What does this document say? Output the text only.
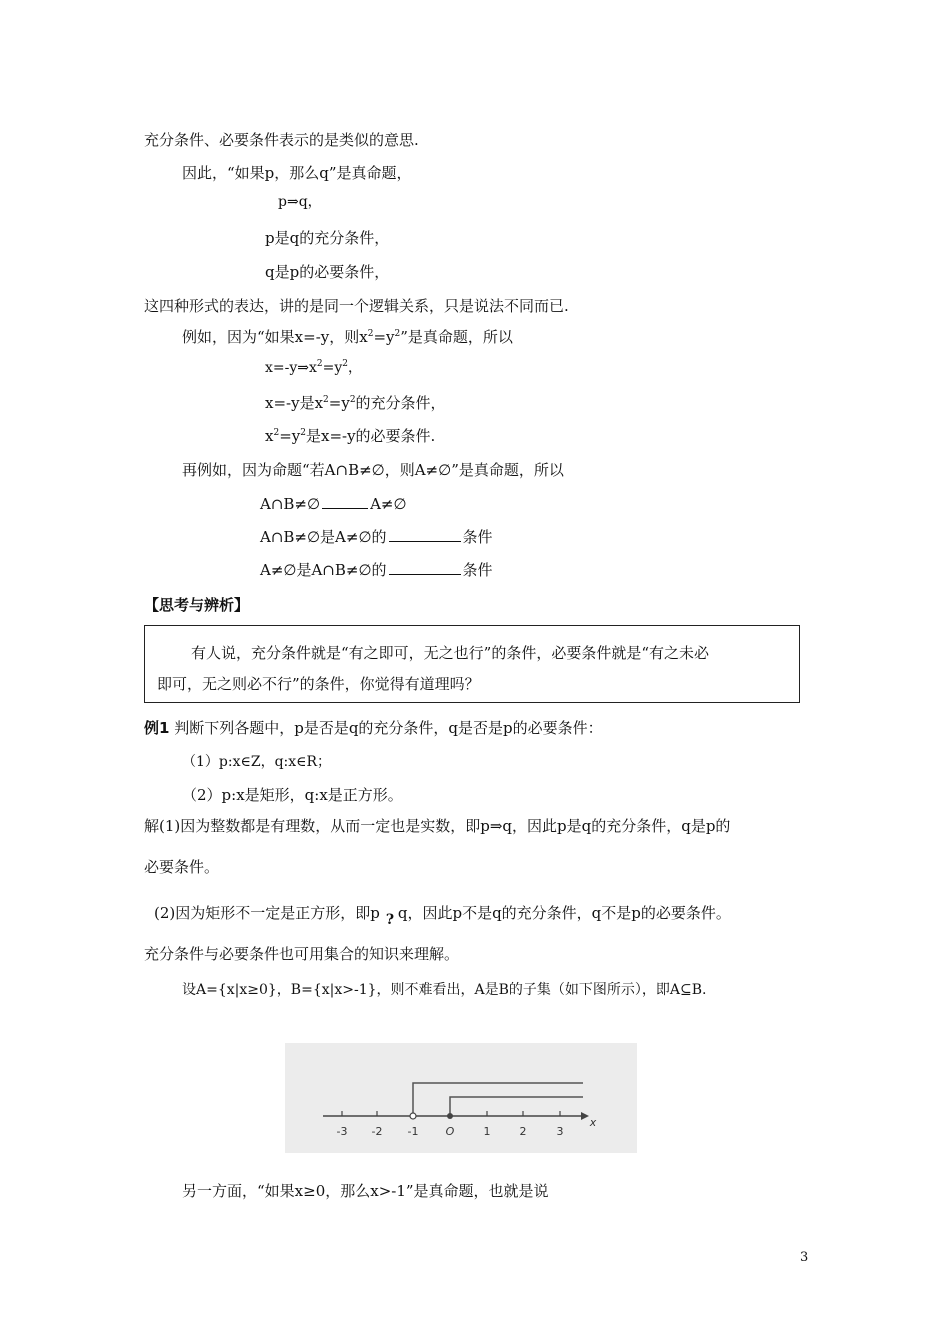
充分条件、必要条件表示的是类似的意思.
因此，“如果p，那么q”是真命题，
p⇒q，
p是q的充分条件，
q是p的必要条件，
这四种形式的表达，讲的是同一个逻辑关系，只是说法不同而已.
例如，因为“如果x=-y，则$x^2=y^2$”是真命题，所以
$x=-y\Rightarrow x^2=y^2$，
x=-y是$x^2=y^2$的充分条件，
$x^2=y^2$是x=-y的必要条件.
再例如，因为命题“若A∩B≠∅，则A≠∅”是真命题，所以
A∩B≠∅	A≠∅
A∩B≠∅是A≠∅的	条件
A≠∅是A∩B≠∅的	条件
【思考与辨析】
有人说，充分条件就是“有之即可，无之也行”的条件，必要条件就是“有之未必
即可，无之则必不行”的条件，你觉得有道理吗？
例1 判断下列各题中，p是否是q的充分条件，q是否是p的必要条件：
（1）p:x∈Z，q:x∈R；
（2）p:x是矩形，q:x是正方形。
解(1)因为整数都是有理数，从而一定也是实数，即p⇒q，因此p是q的充分条件，q是p的
必要条件。
(2)因为矩形不一定是正方形，即p ? q，因此p不是q的充分条件，q不是p的必要条件。
充分条件与必要条件也可用集合的知识来理解。
设A={x|x≥0}，B={x|x>-1}，则不难看出，A是B的子集（如下图所示），即A⊆B.
-3 -2 -1 O	1	2	3
x
另一方面，“如果x≥0，那么x>-1”是真命题，也就是说
3
